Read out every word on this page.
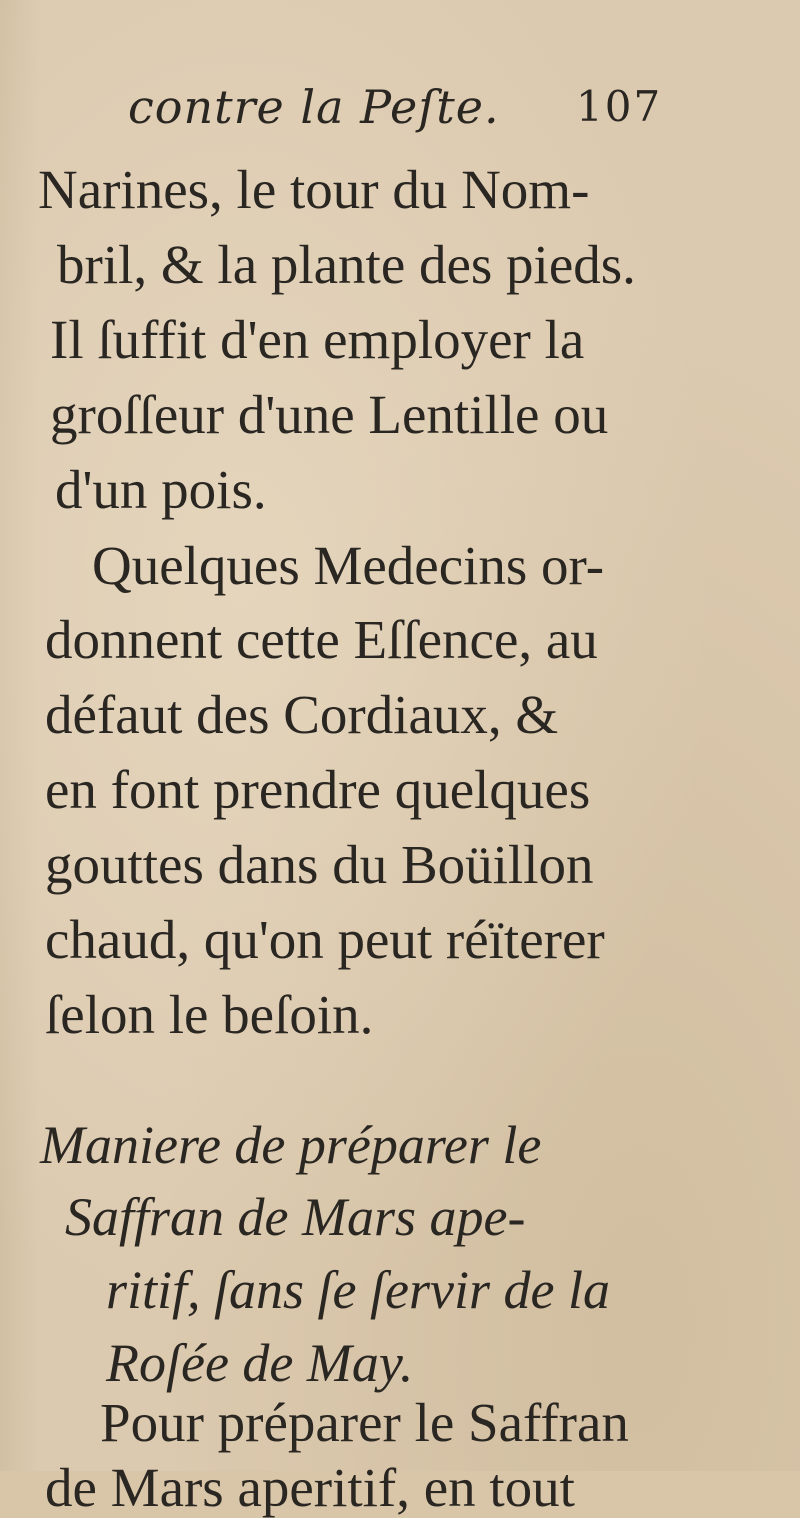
contre la Peſte. 107
Narines, le tour du Nom-
bril, & la plante des pieds.
Il ſuffit d'en employer la
groſſeur d'une Lentille ou
d'un pois.
Quelques Medecins or-
donnent cette Eſſence, au
défaut des Cordiaux, &
en font prendre quelques
gouttes dans du Boüillon
chaud, qu'on peut réïterer
ſelon le beſoin.
Maniere de préparer le
Saffran de Mars ape-
ritif, ſans ſe ſervir de la
Roſée de May.
Pour préparer le Saffran
de Mars aperitif, en tout
